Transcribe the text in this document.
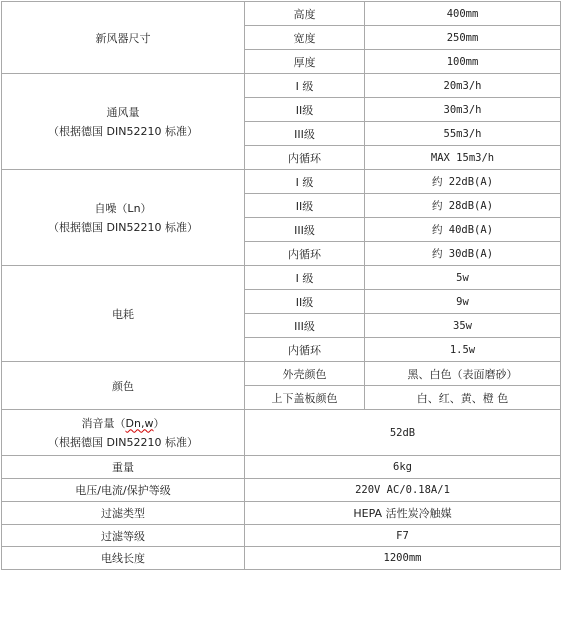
新风器尺寸	高度	400mm
	宽度	250mm
	厚度	100mm

通风量
（根据德国 DIN52210 标准）	I 级	20m3/h
	II级	30m3/h
	III级	55m3/h
	内循环	MAX 15m3/h

自噪（Ln）
（根据德国 DIN52210 标准）	I 级	约 22dB(A)
	II级	约 28dB(A)
	III级	约 40dB(A)
	内循环	约 30dB(A)
电耗	I 级	5w
	II级	9w
	III级	35w
	内循环	1.5w
颜色	外壳颜色	黑、白色（表面磨砂）
	上下盖板颜色	白、红、黄、橙 色

消音量（Dn,w）
（根据德国 DIN52210 标准）	52dB	
重量	6kg	
电压/电流/保护等级	220V AC/0.18A/1	
过滤类型	HEPA 活性炭冷触媒	
过滤等级	F7	
电线长度	1200mm	
